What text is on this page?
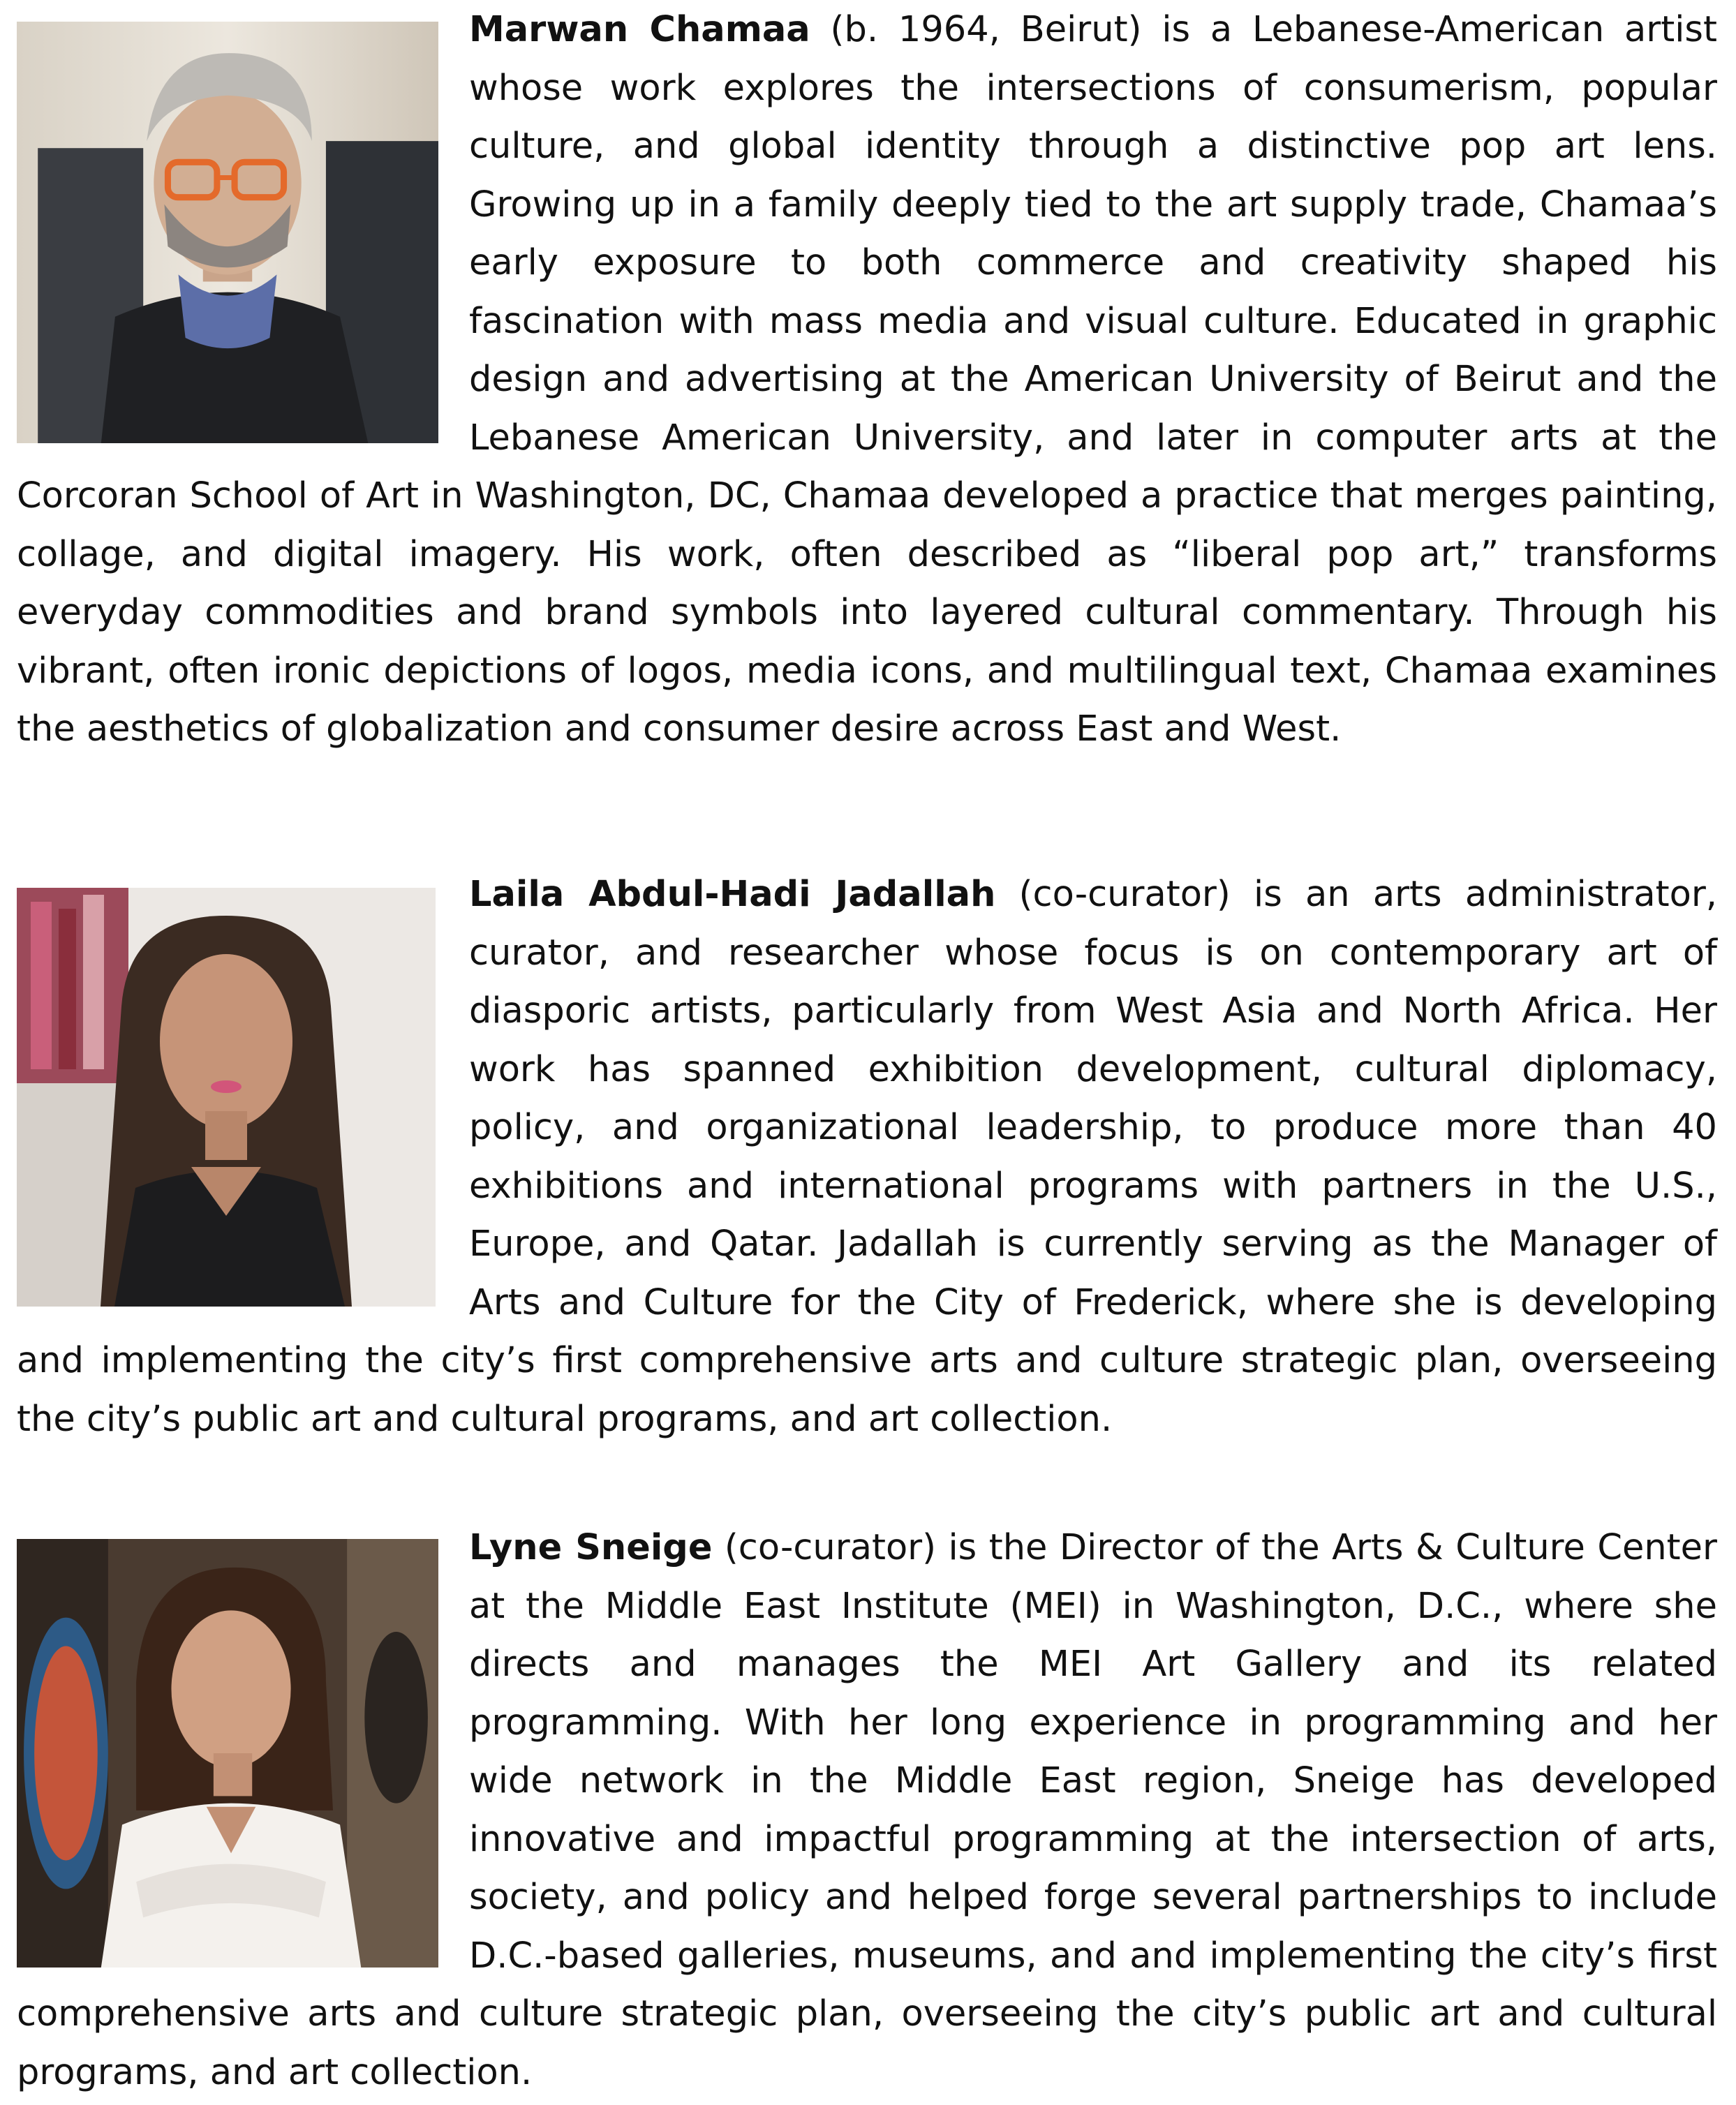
Marwan Chamaa (b. 1964, Beirut) is a Lebanese-American artist whose work explores the intersections of consumerism, popular culture, and global identity through a distinctive pop art lens. Growing up in a family deeply tied to the art supply trade, Chamaa’s early exposure to both commerce and creativity shaped his fascination with mass media and visual culture. Educated in graphic design and advertising at the American University of Beirut and the Lebanese American University, and later in computer arts at the Corcoran School of Art in Washington, DC, Chamaa developed a practice that merges painting, collage, and digital imagery. His work, often described as “liberal pop art,” transforms everyday commodities and brand symbols into layered cultural commentary. Through his vibrant, often ironic depictions of logos, media icons, and multilingual text, Chamaa examines the aesthetics of globalization and consumer desire across East and West.
Laila Abdul-Hadi Jadallah (co-curator) is an arts administrator, curator, and researcher whose focus is on contemporary art of diasporic artists, particularly from West Asia and North Africa. Her work has spanned exhibition development, cultural diplomacy, policy, and organizational leadership, to produce more than 40 exhibitions and international programs with partners in the U.S., Europe, and Qatar. Jadallah is currently serving as the Manager of Arts and Culture for the City of Frederick, where she is developing and implementing the city’s first comprehensive arts and culture strategic plan, overseeing the city’s public art and cultural programs, and art collection.
Lyne Sneige (co-curator) is the Director of the Arts & Culture Center at the Middle East Institute (MEI) in Washington, D.C., where she directs and manages the MEI Art Gallery and its related programming. With her long experience in programming and her wide network in the Middle East region, Sneige has developed innovative and impactful programming at the intersection of arts, society, and policy and helped forge several partnerships to include D.C.-based galleries, museums, and and implementing the city’s first comprehensive arts and culture strategic plan, overseeing the city’s public art and cultural programs, and art collection.
